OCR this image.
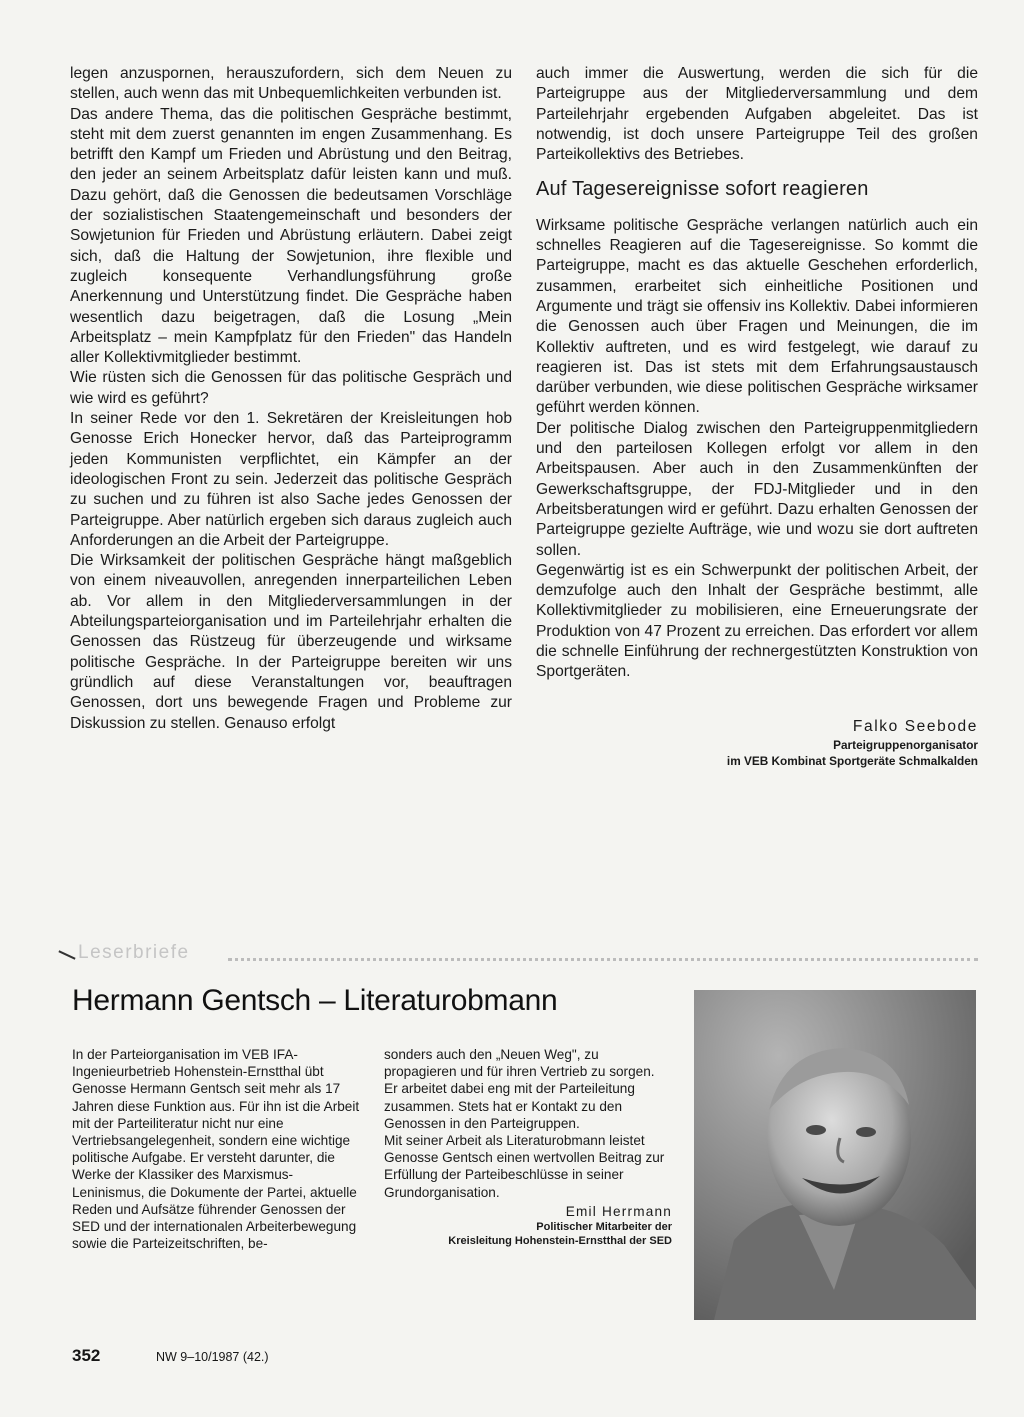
legen anzuspornen, herauszufordern, sich dem Neuen zu stellen, auch wenn das mit Unbequemlichkeiten verbunden ist.

Das andere Thema, das die politischen Gespräche bestimmt, steht mit dem zuerst genannten im engen Zusammenhang. Es betrifft den Kampf um Frieden und Abrüstung und den Beitrag, den jeder an seinem Arbeitsplatz dafür leisten kann und muß. Dazu gehört, daß die Genossen die bedeutsamen Vorschläge der sozialistischen Staatengemeinschaft und besonders der Sowjetunion für Frieden und Abrüstung erläutern. Dabei zeigt sich, daß die Haltung der Sowjetunion, ihre flexible und zugleich konsequente Verhandlungsführung große Anerkennung und Unterstützung findet. Die Gespräche haben wesentlich dazu beigetragen, daß die Losung „Mein Arbeitsplatz – mein Kampfplatz für den Frieden" das Handeln aller Kollektivmitglieder bestimmt.

Wie rüsten sich die Genossen für das politische Gespräch und wie wird es geführt?

In seiner Rede vor den 1. Sekretären der Kreisleitungen hob Genosse Erich Honecker hervor, daß das Parteiprogramm jeden Kommunisten verpflichtet, ein Kämpfer an der ideologischen Front zu sein. Jederzeit das politische Gespräch zu suchen und zu führen ist also Sache jedes Genossen der Parteigruppe. Aber natürlich ergeben sich daraus zugleich auch Anforderungen an die Arbeit der Parteigruppe.

Die Wirksamkeit der politischen Gespräche hängt maßgeblich von einem niveauvollen, anregenden innerparteilichen Leben ab. Vor allem in den Mitgliederversammlungen in der Abteilungsparteiorganisation und im Parteilehrjahr erhalten die Genossen das Rüstzeug für überzeugende und wirksame politische Gespräche. In der Parteigruppe bereiten wir uns gründlich auf diese Veranstaltungen vor, beauftragen Genossen, dort uns bewegende Fragen und Probleme zur Diskussion zu stellen. Genauso erfolgt

auch immer die Auswertung, werden die sich für die Parteigruppe aus der Mitgliederversammlung und dem Parteilehrjahr ergebenden Aufgaben abgeleitet. Das ist notwendig, ist doch unsere Parteigruppe Teil des großen Parteikollektivs des Betriebes.

Auf Tagesereignisse sofort reagieren

Wirksame politische Gespräche verlangen natürlich auch ein schnelles Reagieren auf die Tagesereignisse. So kommt die Parteigruppe, macht es das aktuelle Geschehen erforderlich, zusammen, erarbeitet sich einheitliche Positionen und Argumente und trägt sie offensiv ins Kollektiv. Dabei informieren die Genossen auch über Fragen und Meinungen, die im Kollektiv auftreten, und es wird festgelegt, wie darauf zu reagieren ist. Das ist stets mit dem Erfahrungsaustausch darüber verbunden, wie diese politischen Gespräche wirksamer geführt werden können.

Der politische Dialog zwischen den Parteigruppenmitgliedern und den parteilosen Kollegen erfolgt vor allem in den Arbeitspausen. Aber auch in den Zusammenkünften der Gewerkschaftsgruppe, der FDJ-Mitglieder und in den Arbeitsberatungen wird er geführt. Dazu erhalten Genossen der Parteigruppe gezielte Aufträge, wie und wozu sie dort auftreten sollen.

Gegenwärtig ist es ein Schwerpunkt der politischen Arbeit, der demzufolge auch den Inhalt der Gespräche bestimmt, alle Kollektivmitglieder zu mobilisieren, eine Erneuerungsrate der Produktion von 47 Prozent zu erreichen. Das erfordert vor allem die schnelle Einführung der rechnergestützten Konstruktion von Sportgeräten.

Falko Seebode
Parteigruppenorganisator
im VEB Kombinat Sportgeräte Schmalkalden
Leserbriefe
Hermann Gentsch – Literaturobmann

In der Parteiorganisation im VEB IFA-Ingenieurbetrieb Hohenstein-Ernstthal übt Genosse Hermann Gentsch seit mehr als 17 Jahren diese Funktion aus. Für ihn ist die Arbeit mit der Parteiliteratur nicht nur eine Vertriebsangelegenheit, sondern eine wichtige politische Aufgabe. Er versteht darunter, die Werke der Klassiker des Marxismus-Leninismus, die Dokumente der Partei, aktuelle Reden und Aufsätze führender Genossen der SED und der internationalen Arbeiterbewegung sowie die Parteizeitschriften, be-

sonders auch den „Neuen Weg", zu propagieren und für ihren Vertrieb zu sorgen.

Er arbeitet dabei eng mit der Parteileitung zusammen. Stets hat er Kontakt zu den Genossen in den Parteigruppen.

Mit seiner Arbeit als Literaturobmann leistet Genosse Gentsch einen wertvollen Beitrag zur Erfüllung der Parteibeschlüsse in seiner Grundorganisation.

Emil Herrmann
Politischer Mitarbeiter der
Kreisleitung Hohenstein-Ernstthal der SED
352	NW 9–10/1987 (42.)
